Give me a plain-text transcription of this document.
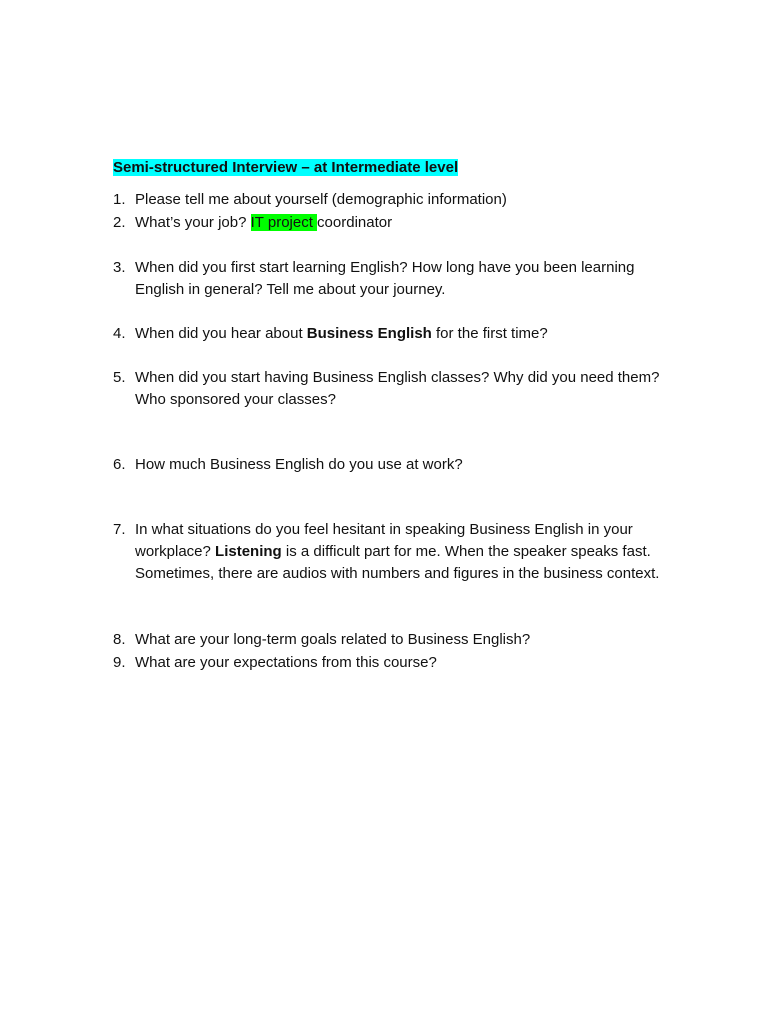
Semi-structured Interview – at Intermediate level
1. Please tell me about yourself (demographic information)
2. What’s your job? IT project coordinator
3. When did you first start learning English? How long have you been learning
English in general? Tell me about your journey.
4. When did you hear about Business English for the first time?
5. When did you start having Business English classes? Why did you need them?
Who sponsored your classes?
6. How much Business English do you use at work?
7. In what situations do you feel hesitant in speaking Business English in your
workplace? Listening is a difficult part for me. When the speaker speaks fast.
Sometimes, there are audios with numbers and figures in the business context.
8. What are your long-term goals related to Business English?
9. What are your expectations from this course?
